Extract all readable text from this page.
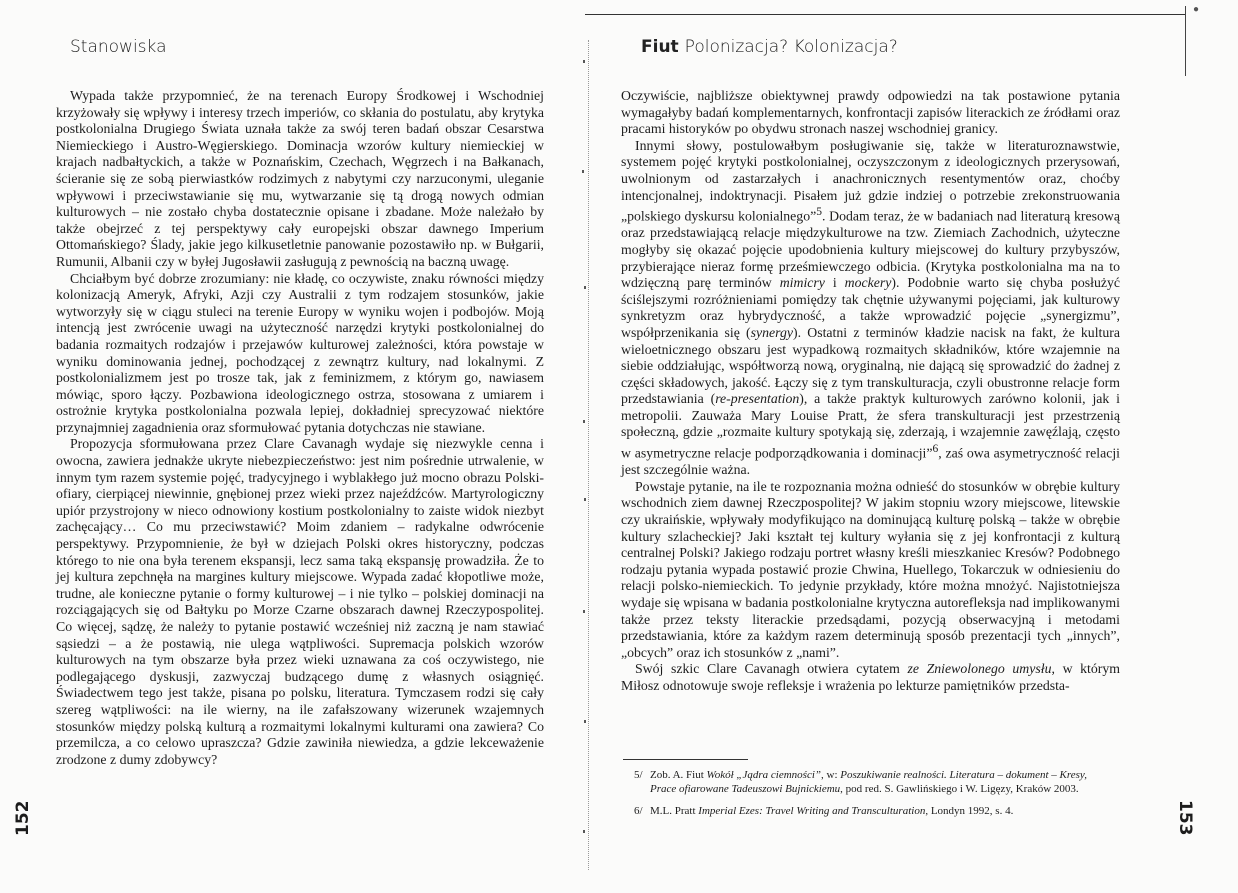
●
Stanowiska

Wypada także przypomnieć, że na terenach Europy Środkowej i Wschodniej krzyżowały się wpływy i interesy trzech imperiów, co skłania do postulatu, aby krytyka postkolonialna Drugiego Świata uznała także za swój teren badań obszar Cesarstwa Niemieckiego i Austro-Węgierskiego. Dominacja wzorów kultury niemieckiej w krajach nadbałtyckich, a także w Poznańskim, Czechach, Węgrzech i na Bałkanach, ścieranie się ze sobą pierwiastków rodzimych z nabytymi czy narzuconymi, uleganie wpływowi i przeciwstawianie się mu, wytwarzanie się tą drogą nowych odmian kulturowych – nie zostało chyba dostatecznie opisane i zbadane. Może należało by także obejrzeć z tej perspektywy cały europejski obszar dawnego Imperium Ottomańskiego? Ślady, jakie jego kilkusetletnie panowanie pozostawiło np. w Bułgarii, Rumunii, Albanii czy w byłej Jugosławii zasługują z pewnością na baczną uwagę.

Chciałbym być dobrze zrozumiany: nie kładę, co oczywiste, znaku równości między kolonizacją Ameryk, Afryki, Azji czy Australii z tym rodzajem stosunków, jakie wytworzyły się w ciągu stuleci na terenie Europy w wyniku wojen i podbojów. Moją intencją jest zwrócenie uwagi na użyteczność narzędzi krytyki postkolonialnej do badania rozmaitych rodzajów i przejawów kulturowej zależności, która powstaje w wyniku dominowania jednej, pochodzącej z zewnątrz kultury, nad lokalnymi. Z postkolonializmem jest po trosze tak, jak z feminizmem, z którym go, nawiasem mówiąc, sporo łączy. Pozbawiona ideologicznego ostrza, stosowana z umiarem i ostrożnie krytyka postkolonialna pozwala lepiej, dokładniej sprecyzować niektóre przynajmniej zagadnienia oraz sformułować pytania dotychczas nie stawiane.

Propozycja sformułowana przez Clare Cavanagh wydaje się niezwykle cenna i owocna, zawiera jednakże ukryte niebezpieczeństwo: jest nim pośrednie utrwalenie, w innym tym razem systemie pojęć, tradycyjnego i wyblakłego już mocno obrazu Polski-ofiary, cierpiącej niewinnie, gnębionej przez wieki przez najeźdźców. Martyrologiczny upiór przystrojony w nieco odnowiony kostium postkolonialny to zaiste widok niezbyt zachęcający… Co mu przeciwstawić? Moim zdaniem – radykalne odwrócenie perspektywy. Przypomnienie, że był w dziejach Polski okres historyczny, podczas którego to nie ona była terenem ekspansji, lecz sama taką ekspansję prowadziła. Że to jej kultura zepchnęła na margines kultury miejscowe. Wypada zadać kłopotliwe może, trudne, ale konieczne pytanie o formy kulturowej – i nie tylko – polskiej dominacji na rozciągających się od Bałtyku po Morze Czarne obszarach dawnej Rzeczypospolitej. Co więcej, sądzę, że należy to pytanie postawić wcześniej niż zaczną je nam stawiać sąsiedzi – a że postawią, nie ulega wątpliwości. Supremacja polskich wzorów kulturowych na tym obszarze była przez wieki uznawana za coś oczywistego, nie podlegającego dyskusji, zazwyczaj budzącego dumę z własnych osiągnięć. Świadectwem tego jest także, pisana po polsku, literatura. Tymczasem rodzi się cały szereg wątpliwości: na ile wierny, na ile zafałszowany wizerunek wzajemnych stosunków między polską kulturą a rozmaitymi lokalnymi kulturami ona zawiera? Co przemilcza, a co celowo upraszcza? Gdzie zawiniła niewiedza, a gdzie lekceważenie zrodzone z dumy zdobywcy?

152
Fiut Polonizacja? Kolonizacja?

Oczywiście, najbliższe obiektywnej prawdy odpowiedzi na tak postawione pytania wymagałyby badań komplementarnych, konfrontacji zapisów literackich ze źródłami oraz pracami historyków po obydwu stronach naszej wschodniej granicy.

Innymi słowy, postulowałbym posługiwanie się, także w literaturoznawstwie, systemem pojęć krytyki postkolonialnej, oczyszczonym z ideologicznych przerysowań, uwolnionym od zastarzałych i anachronicznych resentymentów oraz, choćby intencjonalnej, indoktrynacji. Pisałem już gdzie indziej o potrzebie zrekonstruowania „polskiego dyskursu kolonialnego”$^5$. Dodam teraz, że w badaniach nad literaturą kresową oraz przedstawiającą relacje międzykulturowe na tzw. Ziemiach Zachodnich, użyteczne mogłyby się okazać pojęcie upodobnienia kultury miejscowej do kultury przybyszów, przybierające nieraz formę prześmiewczego odbicia. (Krytyka postkolonialna ma na to wdzięczną parę terminów mimicry i mockery). Podobnie warto się chyba posłużyć ściślejszymi rozróżnieniami pomiędzy tak chętnie używanymi pojęciami, jak kulturowy synkretyzm oraz hybrydyczność, a także wprowadzić pojęcie „synergizmu”, współprzenikania się (synergy). Ostatni z terminów kładzie nacisk na fakt, że kultura wieloetnicznego obszaru jest wypadkową rozmaitych składników, które wzajemnie na siebie oddziałując, współtworzą nową, oryginalną, nie dającą się sprowadzić do żadnej z części składowych, jakość. Łączy się z tym transkulturacja, czyli obustronne relacje form przedstawiania (re-presentation), a także praktyk kulturowych zarówno kolonii, jak i metropolii. Zauważa Mary Louise Pratt, że sfera transkulturacji jest przestrzenią społeczną, gdzie „rozmaite kultury spotykają się, zderzają, i wzajemnie zawęźlają, często w asymetryczne relacje podporządkowania i dominacji”$^6$, zaś owa asymetryczność relacji jest szczególnie ważna.

Powstaje pytanie, na ile te rozpoznania można odnieść do stosunków w obrębie kultury wschodnich ziem dawnej Rzeczpospolitej? W jakim stopniu wzory miejscowe, litewskie czy ukraińskie, wpływały modyfikująco na dominującą kulturę polską – także w obrębie kultury szlacheckiej? Jaki kształt tej kultury wyłania się z jej konfrontacji z kulturą centralnej Polski? Jakiego rodzaju portret własny kreśli mieszkaniec Kresów? Podobnego rodzaju pytania wypada postawić prozie Chwina, Huellego, Tokarczuk w odniesieniu do relacji polsko-niemieckich. To jedynie przykłady, które można mnożyć. Najistotniejsza wydaje się wpisana w badania postkolonialne krytyczna autorefleksja nad implikowanymi także przez teksty literackie przedsądami, pozycją obserwacyjną i metodami przedstawiania, które za każdym razem determinują sposób prezentacji tych „innych”, „obcych” oraz ich stosunków z „nami”.

Swój szkic Clare Cavanagh otwiera cytatem ze Zniewolonego umysłu, w którym Miłosz odnotowuje swoje refleksje i wrażenia po lekturze pamiętników przedsta-

5/ Zob. A. Fiut Wokół „Jądra ciemności”, w: Poszukiwanie realności. Literatura – dokument – Kresy, Prace ofiarowane Tadeuszowi Bujnickiemu, pod red. S. Gawlińskiego i W. Ligęzy, Kraków 2003.
6/ M.L. Pratt Imperial Ezes: Travel Writing and Transculturation, Londyn 1992, s. 4.	153
